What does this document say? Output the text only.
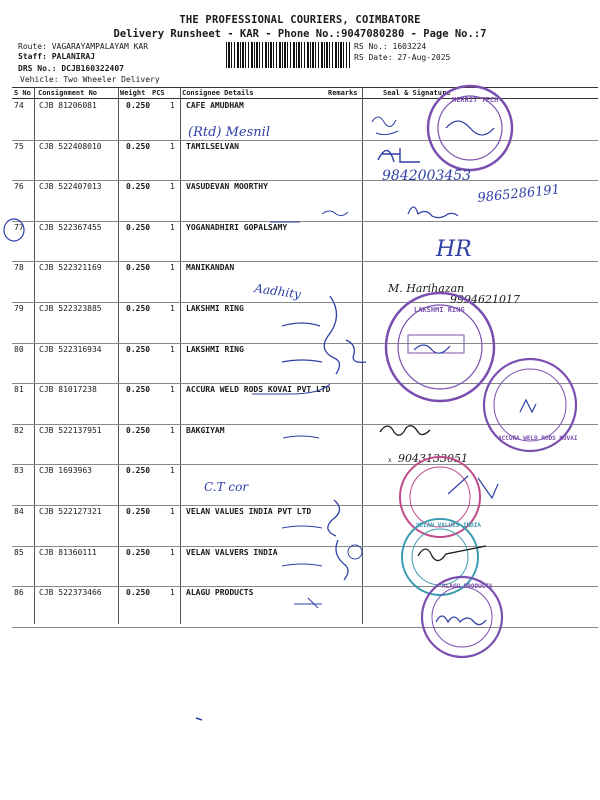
THE PROFESSIONAL COURIERS, COIMBATORE
Delivery Runsheet - KAR - Phone No.:9047080280 - Page No.:7
Route: VAGARAYAMPALAYAM KAR
Staff: PALANIRAJ
DRS No.: DCJB160322407
Vehicle: Two Wheeler Delivery
RS No.: 1603224
RS Date: 27-Aug-2025
S No Consignment No	Weight PCS Consignee Details	Remarks	Seal & Signature
74 CJB 81206081	0.250 1 CAFE AMUDHAM
75 CJB 522408010	0.250 1 TAMILSELVAN
76 CJB 522407013	0.250 1 VASUDEVAN MOORTHY
77 CJB 522367455	0.250 1 YOGANADHIRI GOPALSAMY
78 CJB 522321169	0.250 1 MANIKANDAN
79 CJB 522323885	0.250 1 LAKSHMI RING
80 CJB 522316934	0.250 1 LAKSHMI RING
81 CJB 81017238	0.250 1 ACCURA WELD RODS KOVAI PVT LTD
82 CJB 522137951	0.250 1 BAKGIYAM
83 CJB 1693963	0.250 1
84 CJB 522127321	0.250 1 VELAN VALUES INDIA PVT LTD
85 CJB 81360111	0.250 1 VELAN VALVERS INDIA
86 CJB 522373466	0.250 1 ALAGU PRODUCTS
(Rtd) Mesnil
MERRIT TECH
9842003453
9865286191
HR
Aadhity	M. Harihazan
9994621017
LAKSHMI RING
ACCURA WELD RODS KOVAI
x 9043133051
C.T cor
VELAN VALUES INDIA
ALAGU PRODUCTS
